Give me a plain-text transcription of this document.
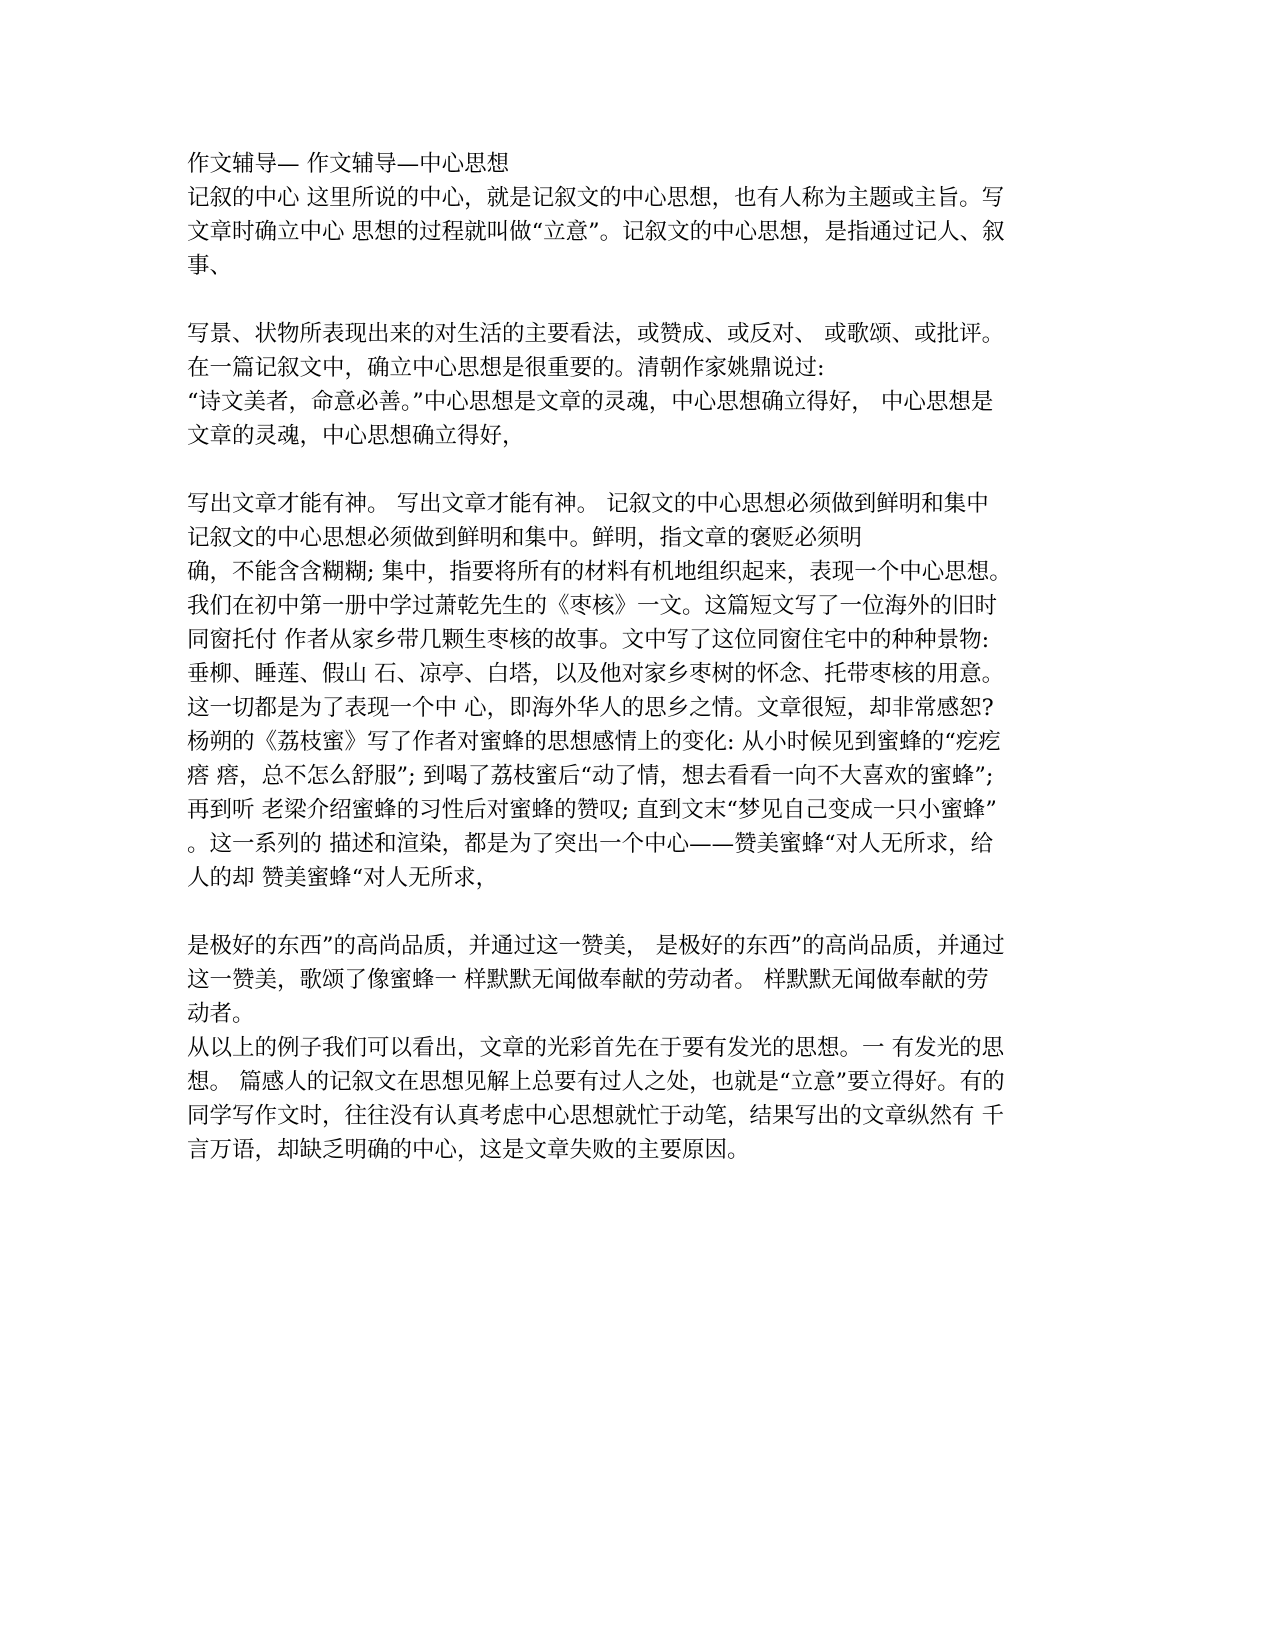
作文辅导— 作文辅导—中心思想
记叙的中心 这里所说的中心，就是记叙文的中心思想，也有人称为主题或主旨。写
文章时确立中心 思想的过程就叫做“立意”。记叙文的中心思想，是指通过记人、叙
事、
写景、状物所表现出来的对生活的主要看法，或赞成、或反对、 或歌颂、或批评。
在一篇记叙文中，确立中心思想是很重要的。清朝作家姚鼎说过:
“诗文美者，命意必善。”中心思想是文章的灵魂，中心思想确立得好， 中心思想是
文章的灵魂，中心思想确立得好，
写出文章才能有神。 写出文章才能有神。 记叙文的中心思想必须做到鲜明和集中
记叙文的中心思想必须做到鲜明和集中。鲜明，指文章的褒贬必须明
确，不能含含糊糊; 集中，指要将所有的材料有机地组织起来，表现一个中心思想。
我们在初中第一册中学过萧乾先生的《枣核》一文。这篇短文写了一位海外的旧时
同窗托付 作者从家乡带几颗生枣核的故事。文中写了这位同窗住宅中的种种景物:
垂柳、睡莲、假山 石、凉亭、白塔，以及他对家乡枣树的怀念、托带枣核的用意。
这一切都是为了表现一个中 心，即海外华人的思乡之情。文章很短，却非常感恕?
杨朔的《荔枝蜜》写了作者对蜜蜂的思想感情上的变化: 从小时候见到蜜蜂的“疙疙
瘩 瘩，总不怎么舒服”; 到喝了荔枝蜜后“动了情，想去看看一向不大喜欢的蜜蜂”;
再到听 老梁介绍蜜蜂的习性后对蜜蜂的赞叹; 直到文末“梦见自己变成一只小蜜蜂”
。这一系列的 描述和渲染，都是为了突出一个中心——赞美蜜蜂“对人无所求，给
人的却 赞美蜜蜂“对人无所求，
是极好的东西”的高尚品质，并通过这一赞美， 是极好的东西”的高尚品质，并通过
这一赞美，歌颂了像蜜蜂一 样默默无闻做奉献的劳动者。 样默默无闻做奉献的劳
动者。
从以上的例子我们可以看出，文章的光彩首先在于要有发光的思想。一 有发光的思
想。 篇感人的记叙文在思想见解上总要有过人之处，也就是“立意”要立得好。有的
同学写作文时，往往没有认真考虑中心思想就忙于动笔，结果写出的文章纵然有 千
言万语，却缺乏明确的中心，这是文章失败的主要原因。
